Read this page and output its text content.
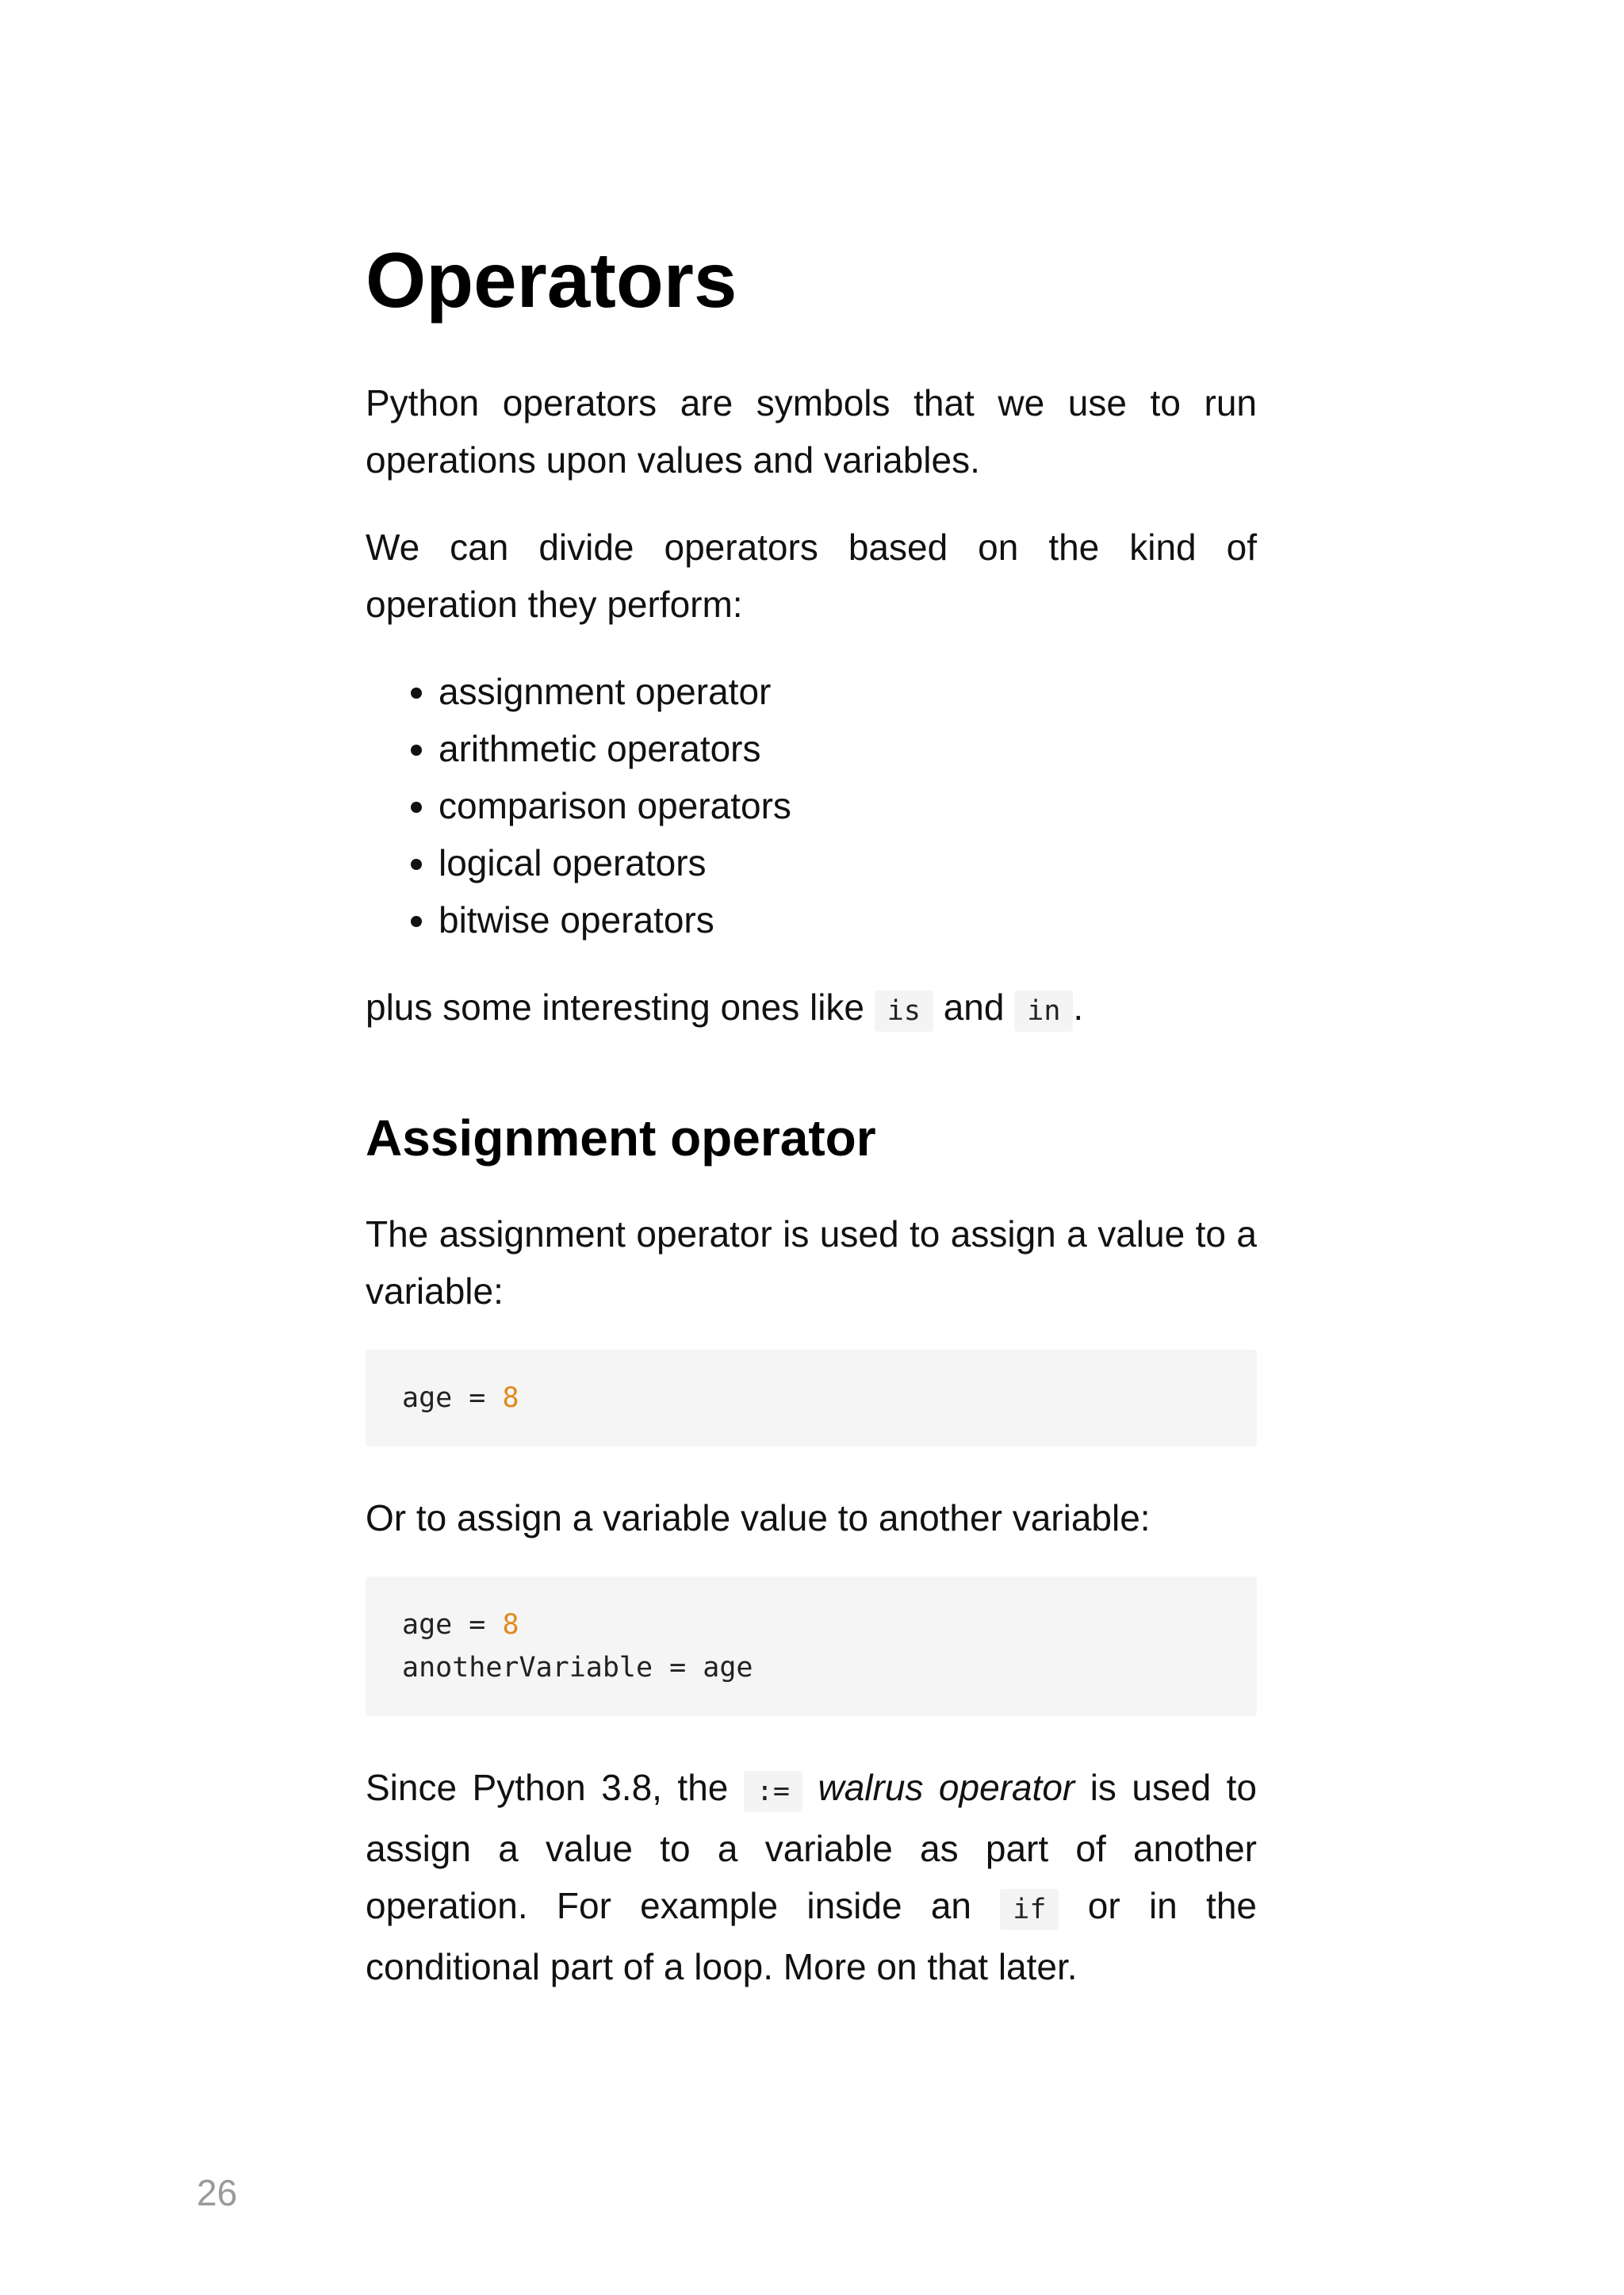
Operators

Python operators are symbols that we use to run operations upon values and variables.

We can divide operators based on the kind of operation they perform:

• assignment operator
• arithmetic operators
• comparison operators
• logical operators
• bitwise operators

plus some interesting ones like is and in .

Assignment operator

The assignment operator is used to assign a value to a variable:

age = 8

Or to assign a variable value to another variable:

age = 8
anotherVariable = age

Since Python 3.8, the := walrus operator is used to assign a value to a variable as part of another operation. For example inside an if or in the conditional part of a loop. More on that later.

26
